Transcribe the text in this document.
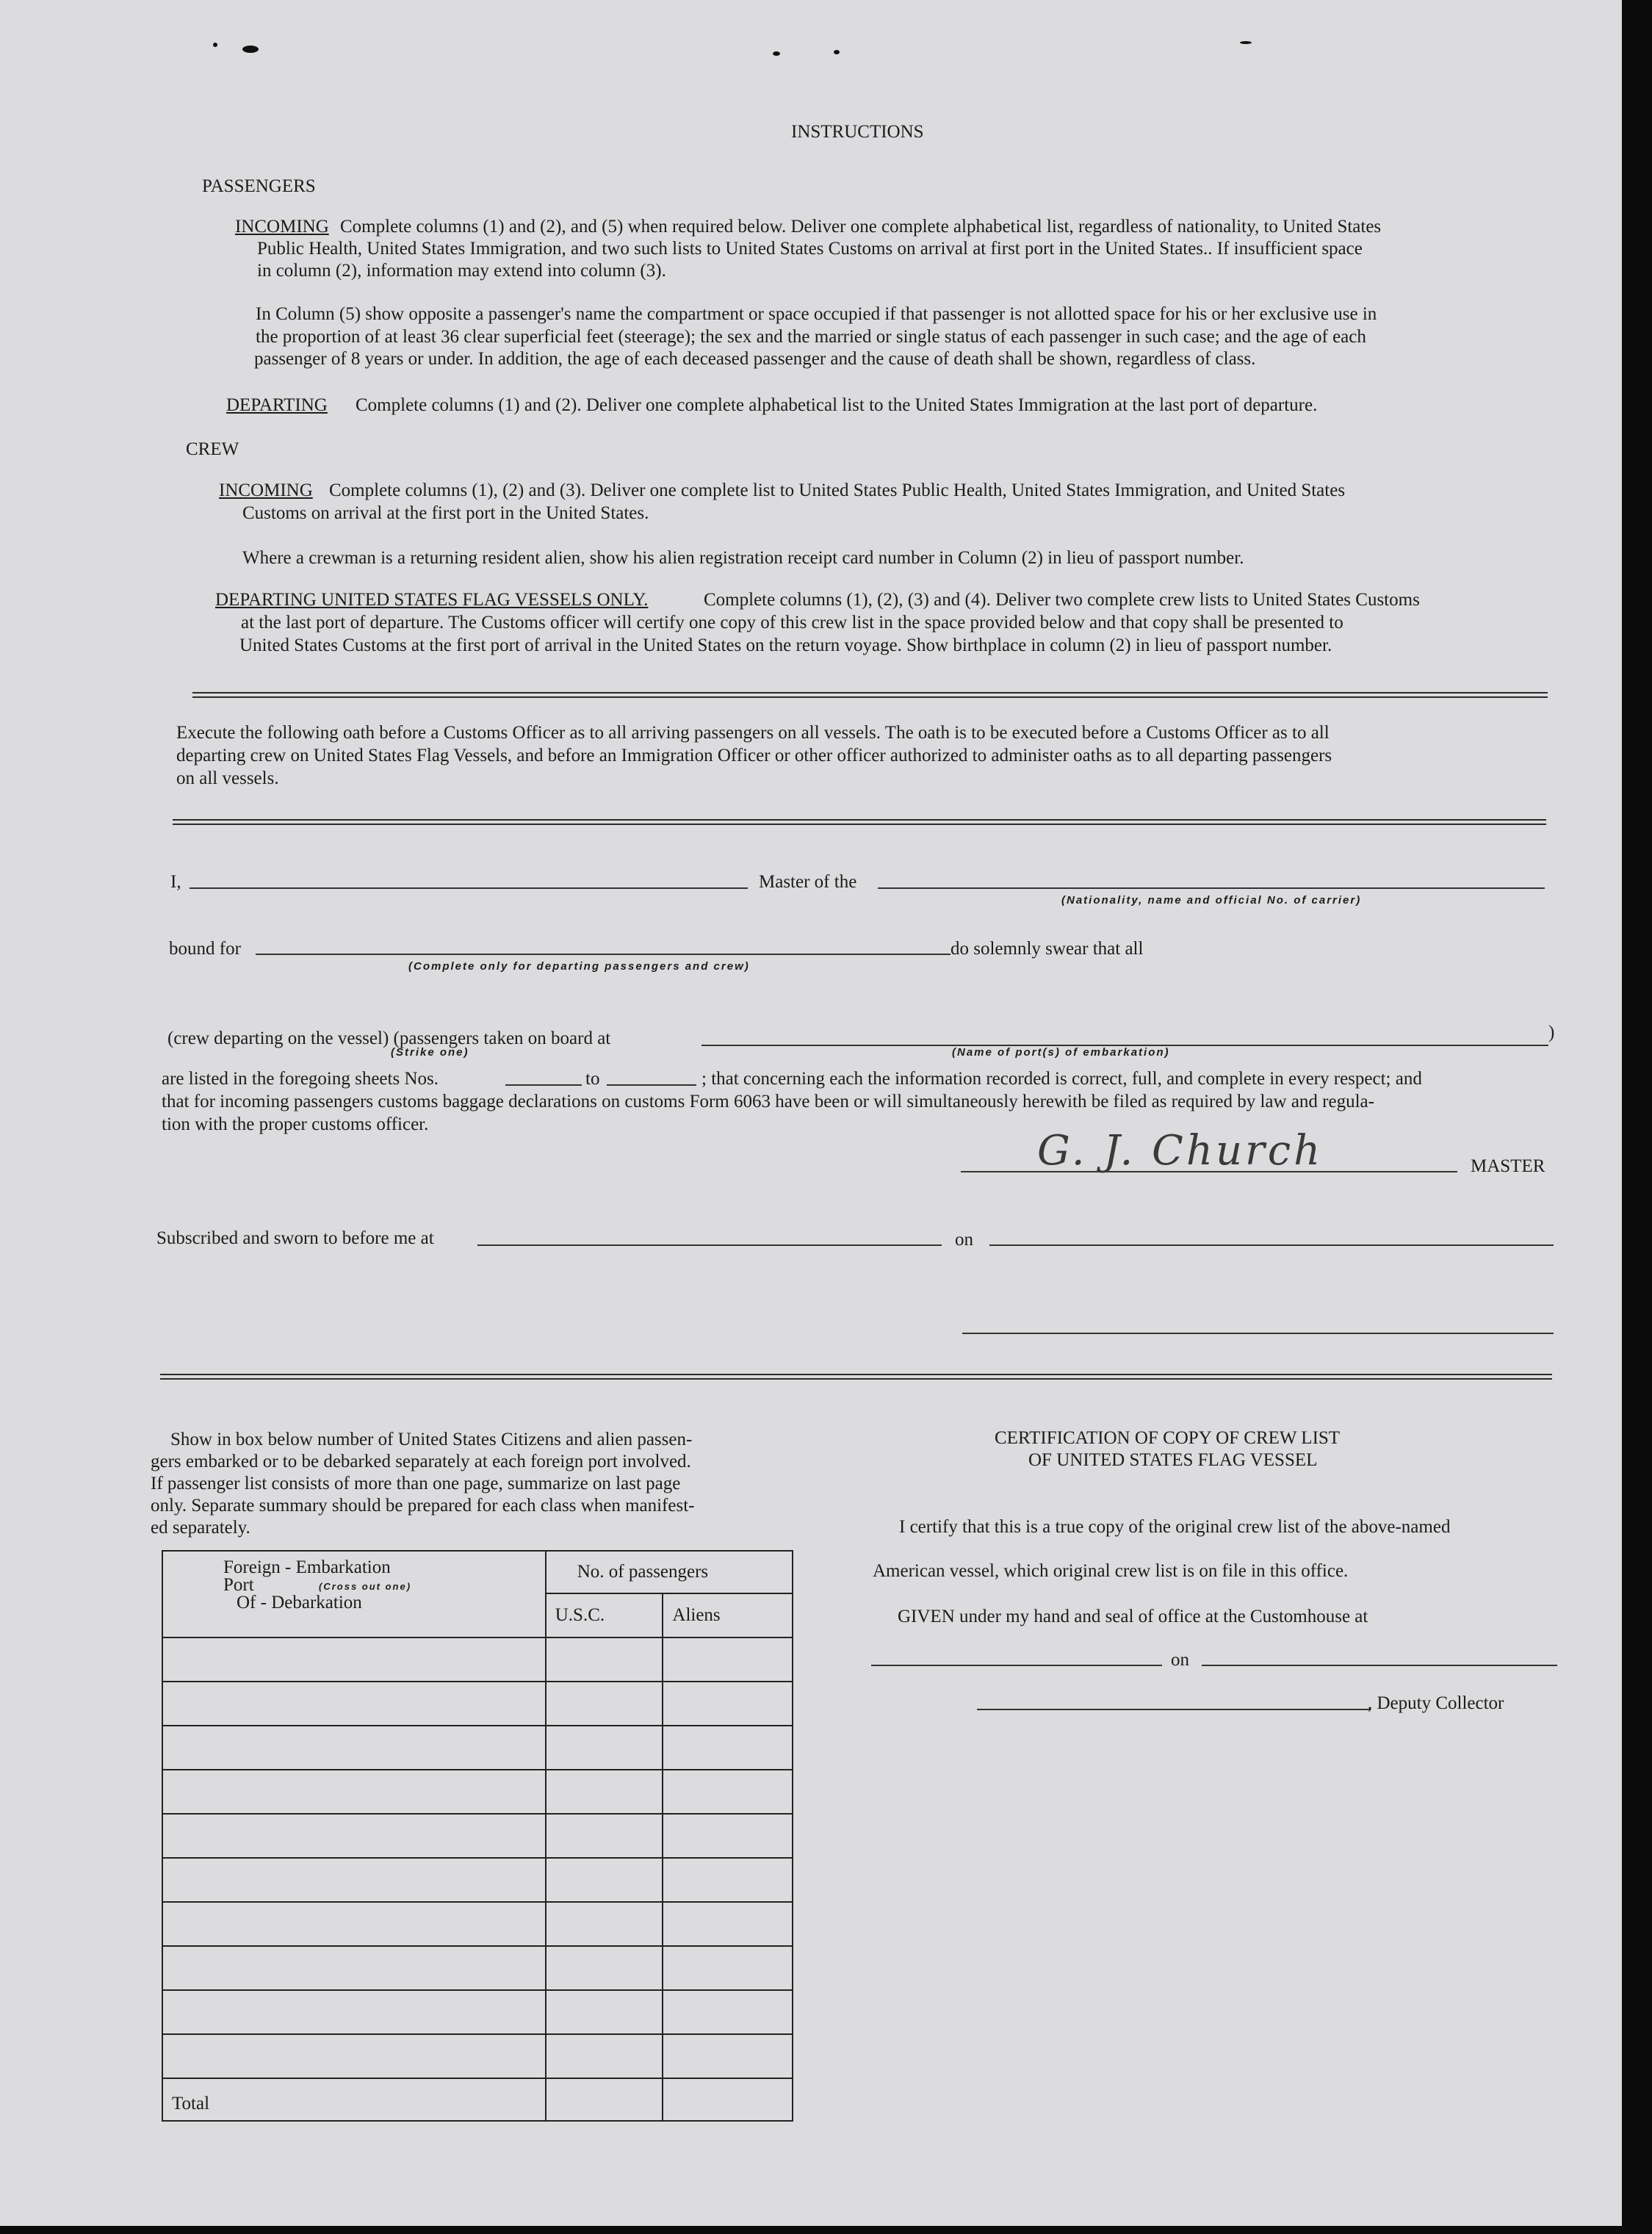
INSTRUCTIONS
PASSENGERS
INCOMING Complete columns (1) and (2), and (5) when required below. Deliver one complete alphabetical list, regardless of nationality, to United States
Public Health, United States Immigration, and two such lists to United States Customs on arrival at first port in the United States.. If insufficient space
in column (2), information may extend into column (3).
In Column (5) show opposite a passenger's name the compartment or space occupied if that passenger is not allotted space for his or her exclusive use in
the proportion of at least 36 clear superficial feet (steerage); the sex and the married or single status of each passenger in such case; and the age of each
passenger of 8 years or under. In addition, the age of each deceased passenger and the cause of death shall be shown, regardless of class.
DEPARTING Complete columns (1) and (2). Deliver one complete alphabetical list to the United States Immigration at the last port of departure.
CREW
INCOMING Complete columns (1), (2) and (3). Deliver one complete list to United States Public Health, United States Immigration, and United States
Customs on arrival at the first port in the United States.
Where a crewman is a returning resident alien, show his alien registration receipt card number in Column (2) in lieu of passport number.
DEPARTING UNITED STATES FLAG VESSELS ONLY.	Complete columns (1), (2), (3) and (4). Deliver two complete crew lists to United States Customs
at the last port of departure. The Customs officer will certify one copy of this crew list in the space provided below and that copy shall be presented to
United States Customs at the first port of arrival in the United States on the return voyage. Show birthplace in column (2) in lieu of passport number.
Execute the following oath before a Customs Officer as to all arriving passengers on all vessels. The oath is to be executed before a Customs Officer as to all
departing crew on United States Flag Vessels, and before an Immigration Officer or other officer authorized to administer oaths as to all departing passengers
on all vessels.
I,	Master of the
(Nationality, name and official No. of carrier)
bound for	do solemnly swear that all
(Complete only for departing passengers and crew)
(crew departing on the vessel) (passengers taken on board at	)
(Strike one)	(Name of port(s) of embarkation)
are listed in the foregoing sheets Nos.	to	; that concerning each the information recorded is correct, full, and complete in every respect; and
that for incoming passengers customs baggage declarations on customs Form 6063 have been or will simultaneously herewith be filed as required by law and regula-
tion with the proper customs officer.
G. J. Church	MASTER
Subscribed and sworn to before me at	on
Show in box below number of United States Citizens and alien passen-
gers embarked or to be debarked separately at each foreign port involved.
If passenger list consists of more than one page, summarize on last page
only. Separate summary should be prepared for each class when manifest-
ed separately.
Foreign - Embarkation
Port (Cross out one)
Of - Debarkation	No. of passengers	
	U.S.C.	Aliens

Total		
CERTIFICATION OF COPY OF CREW LIST
OF UNITED STATES FLAG VESSEL
I certify that this is a true copy of the original crew list of the above-named
American vessel, which original crew list is on file in this office.
GIVEN under my hand and seal of office at the Customhouse at
on
, Deputy Collector
